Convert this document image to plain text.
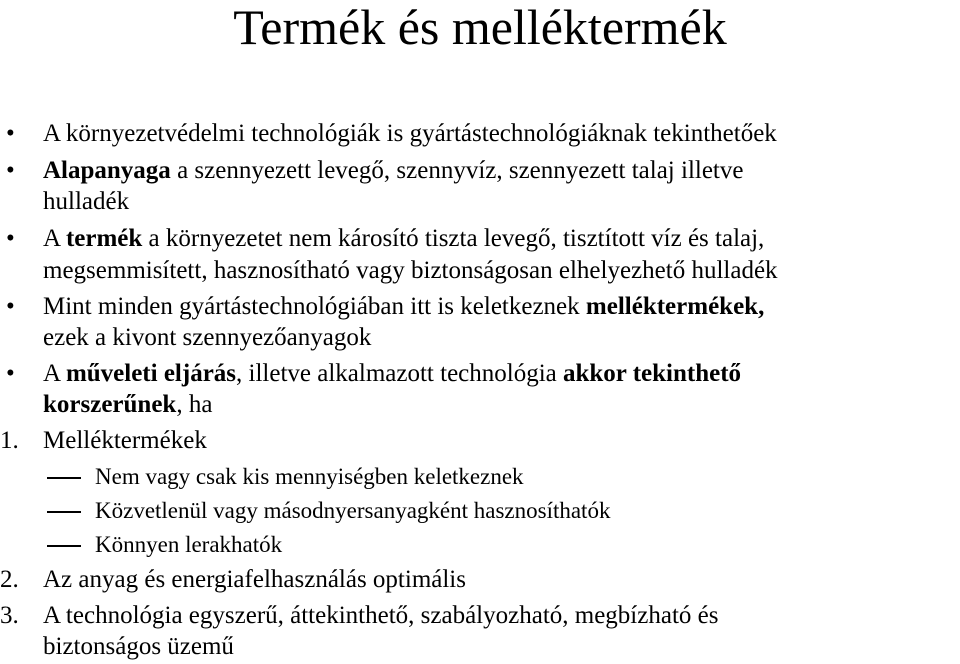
Termék és melléktermék
•	A környezetvédelmi technológiák is gyártástechnológiáknak tekinthetőek
•	Alapanyaga a szennyezett levegő, szennyvíz, szennyezett talaj illetve
hulladék
•	A termék a környezetet nem károsító tiszta levegő, tisztított víz és talaj,
megsemmisített, hasznosítható vagy biztonságosan elhelyezhető hulladék
•	Mint minden gyártástechnológiában itt is keletkeznek melléktermékek,
ezek a kivont szennyezőanyagok
•	A műveleti eljárás, illetve alkalmazott technológia akkor tekinthető
korszerűnek, ha
1. Melléktermékek
Nem vagy csak kis mennyiségben keletkeznek
Közvetlenül vagy másodnyersanyagként hasznosíthatók
Könnyen lerakhatók
2. Az anyag és energiafelhasználás optimális
3. A technológia egyszerű, áttekinthető, szabályozható, megbízható és
biztonságos üzemű
